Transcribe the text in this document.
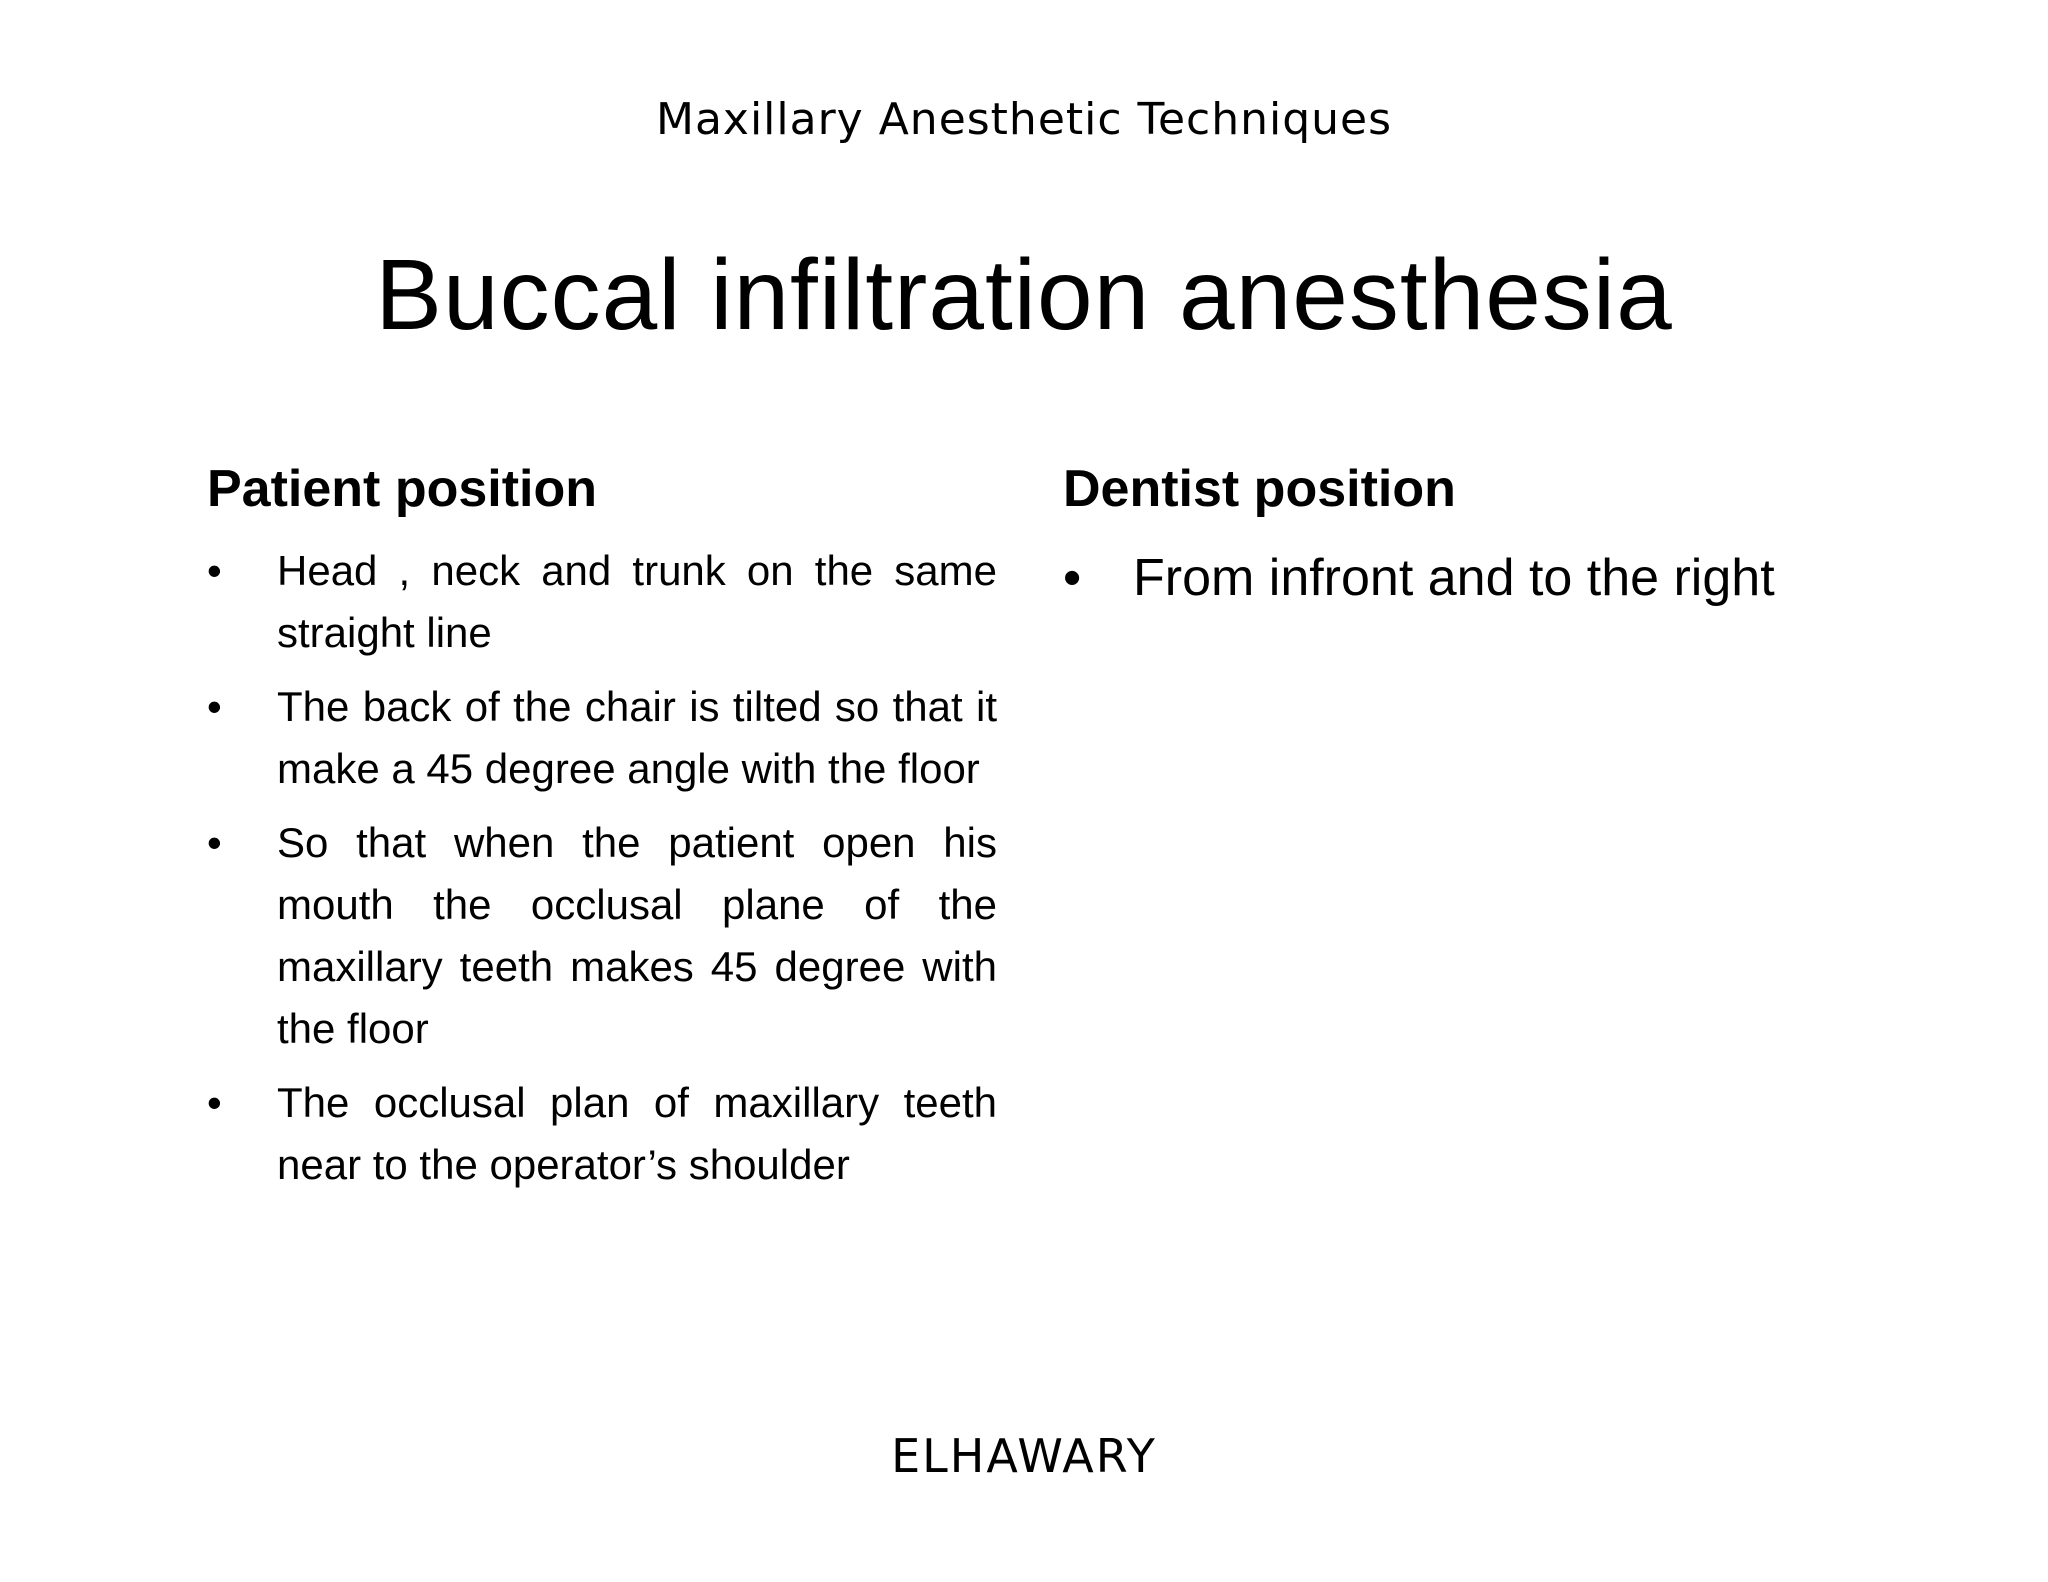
Maxillary Anesthetic Techniques
Buccal infiltration anesthesia
Patient position
• Head , neck and trunk on the same straight line
• The back of the chair is tilted so that it make a 45 degree angle with the floor
• So that when the patient open his mouth the occlusal plane of the maxillary teeth makes 45 degree with the floor
• The occlusal plan of maxillary teeth near to the operator’s shoulder
Dentist position
• From infront and to the right
ELHAWARY
